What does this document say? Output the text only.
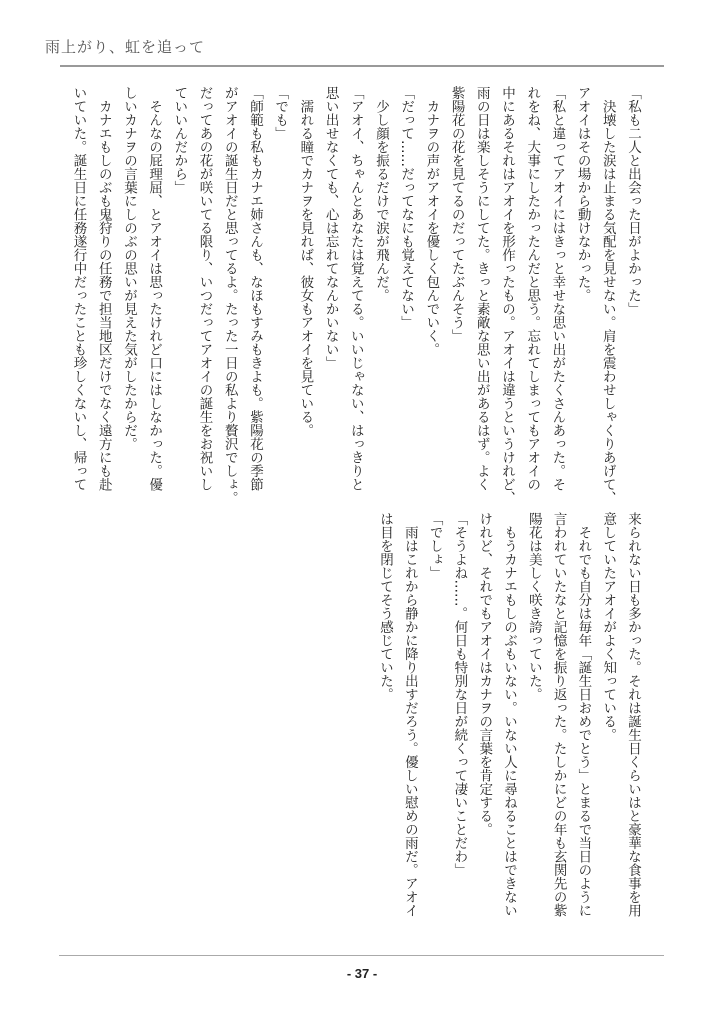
雨上がり、虹を追って
「私も二人と出会った日がよかった」
　決壊した涙は止まる気配を見せない。肩を震わせしゃくりあげて、
アオイはその場から動けなかった。
「私と違ってアオイにはきっと幸せな思い出がたくさんあった。そ
れをね、大事にしたかったんだと思う。忘れてしまってもアオイの
中にあるそれはアオイを形作ったもの。アオイは違うというけれど、
雨の日は楽しそうにしてた。きっと素敵な思い出があるはず。よく
紫陽花の花を見てるのだってたぶんそう」
　カナヲの声がアオイを優しく包んでいく。
「だって……だってなにも覚えてない」
　少し顔を振るだけで涙が飛んだ。
「アオイ、ちゃんとあなたは覚えてる。いいじゃない、はっきりと
思い出せなくても、心は忘れてなんかいない」
　濡れる瞳でカナヲを見れば、彼女もアオイを見ている。
「でも」
「師範も私もカナエ姉さんも、なほもすみもきよも。紫陽花の季節
がアオイの誕生日だと思ってるよ。たった一日の私より贅沢でしょ。
だってあの花が咲いてる限り、いつだってアオイの誕生をお祝いし
ていいんだから」
　そんなの屁理屈、とアオイは思ったけれど口にはしなかった。優
しいカナヲの言葉にしのぶの思いが見えた気がしたからだ。
　カナエもしのぶも鬼狩りの任務で担当地区だけでなく遠方にも赴
いていた。誕生日に任務遂行中だったことも珍しくないし、帰って
来られない日も多かった。それは誕生日くらいはと豪華な食事を用
意していたアオイがよく知っている。
　それでも自分は毎年「誕生日おめでとう」とまるで当日のように
言われていたなと記憶を振り返った。たしかにどの年も玄関先の紫
陽花は美しく咲き誇っていた。
　もうカナエもしのぶもいない。いない人に尋ねることはできない
けれど、それでもアオイはカナヲの言葉を肯定する。
「そうよね……。何日も特別な日が続くって凄いことだわ」
「でしょ」
　雨はこれから静かに降り出すだろう。優しい慰めの雨だ。アオイ
は目を閉じてそう感じていた。
- 37 -
